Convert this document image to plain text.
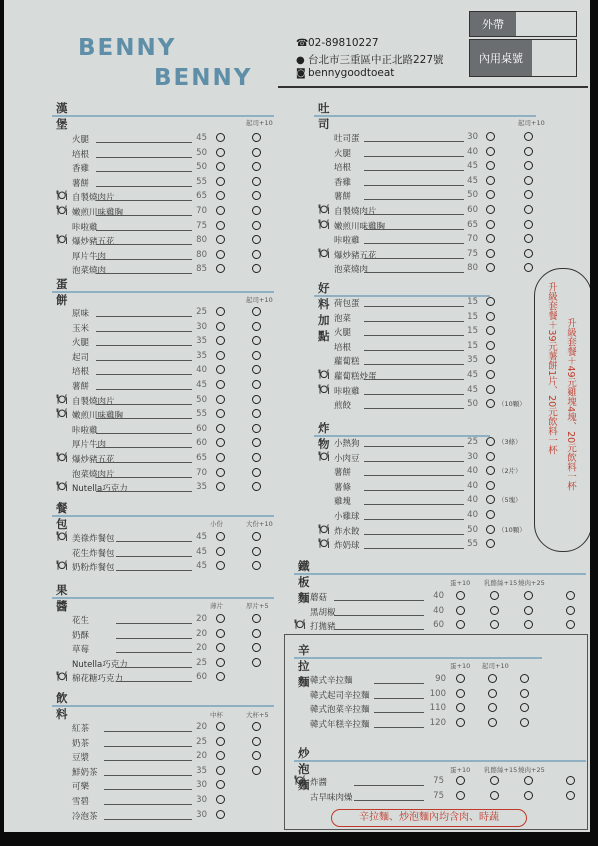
BENNY
BENNY
☎02-89810227
● 台北市三重區中正北路227號
◙ bennygoodtoeat
外帶
內用桌號
漢堡	起司+10
火腿	45
培根	50
香雞	50
薯餅	55
自製燒肉片	65
嫩煎川味雞胸	70
咔啦雞	75
爆炒豬五花	80
厚片牛肉	80
泡菜燒肉	85
蛋餅	起司+10
原味	25
玉米	30
火腿	35
起司	35
培根	40
薯餅	45
自製燒肉片	50
嫩煎川味雞胸	55
咔啦雞	60
厚片牛肉	60
爆炒豬五花	65
泡菜燒肉片	70
Nutella巧克力	35
餐包	小份	大份+10
美祿炸餐包	45
花生炸餐包	45
奶粉炸餐包	45
果醬	薄片	厚片+5
花生	20
奶酥	20
草莓	20
Nutella巧克力	25
棉花糖巧克力	60
飲料	中杯	大杯+5
紅茶	20
奶茶	25
豆漿	20
鮮奶茶	35
可樂	30
雪碧	30
冷泡茶	30
吐司	起司+10
吐司蛋	30
火腿	40
培根	45
香雞	45
薯餅	50
自製燒肉片	60
嫩煎川味雞胸	65
咔啦雞	70
爆炒豬五花	75
泡菜燒肉	80
好料加點
荷包蛋	15
泡菜	15
火腿	15
培根	15
蘿蔔糕	35
蘿蔔糕炒蛋	45
咔啦雞	45
煎餃	50	（10顆）
炸物 小熱狗	25	（3條）
小肉豆	30
薯餅	40	（2片）
薯條	40
雞塊	40	（5塊）
小雞球	40
炸水餃	50	（10顆）
炸奶球	55
鐵板麵
蛋+10 乳酪絲+15 燒肉+25
蘑菇	40
黑胡椒	40
打拋豬	60
辛拉麵
蛋+10 起司+10
韓式辛拉麵	90
韓式起司辛拉麵	100
韓式泡菜辛拉麵	110
韓式年糕辛拉麵	120
炒泡麵
蛋+10 乳酪絲+15 燒肉+25
炸醬	75
古早味肉燥	75
升級套餐＋39元薯餅1片、20元飲料一杯 升級套餐＋49元雞塊4塊、20元飲料一杯
辛拉麵、炒泡麵內均含肉、時蔬
